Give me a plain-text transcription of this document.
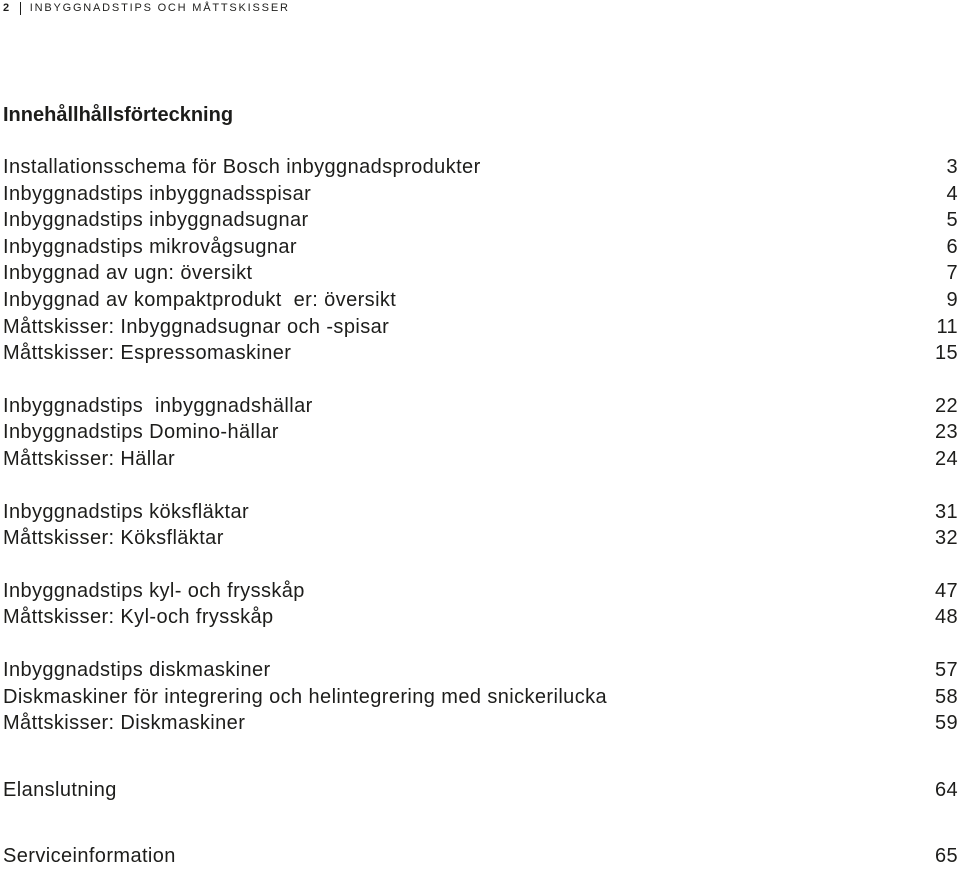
2 INBYGGNADSTIPS OCH MÅTTSKISSER
Innehållhållsförteckning
Installationsschema för Bosch inbyggnadsprodukter	3
Inbyggnadstips inbyggnadsspisar	4
Inbyggnadstips inbyggnadsugnar	5
Inbyggnadstips mikrovågsugnar	6
Inbyggnad av ugn: översikt	7
Inbyggnad av kompaktprodukt  er: översikt	9
Måttskisser: Inbyggnadsugnar och -spisar	11
Måttskisser: Espressomaskiner	15
Inbyggnadstips  inbyggnadshällar	22
Inbyggnadstips Domino-hällar	23
Måttskisser: Hällar	24
Inbyggnadstips köksfläktar	31
Måttskisser: Köksfläktar	32
Inbyggnadstips kyl- och frysskåp	47
Måttskisser: Kyl-och frysskåp	48
Inbyggnadstips diskmaskiner	57
Diskmaskiner för integrering och helintegrering med snickerilucka	58
Måttskisser: Diskmaskiner	59
Elanslutning	64
Serviceinformation	65
